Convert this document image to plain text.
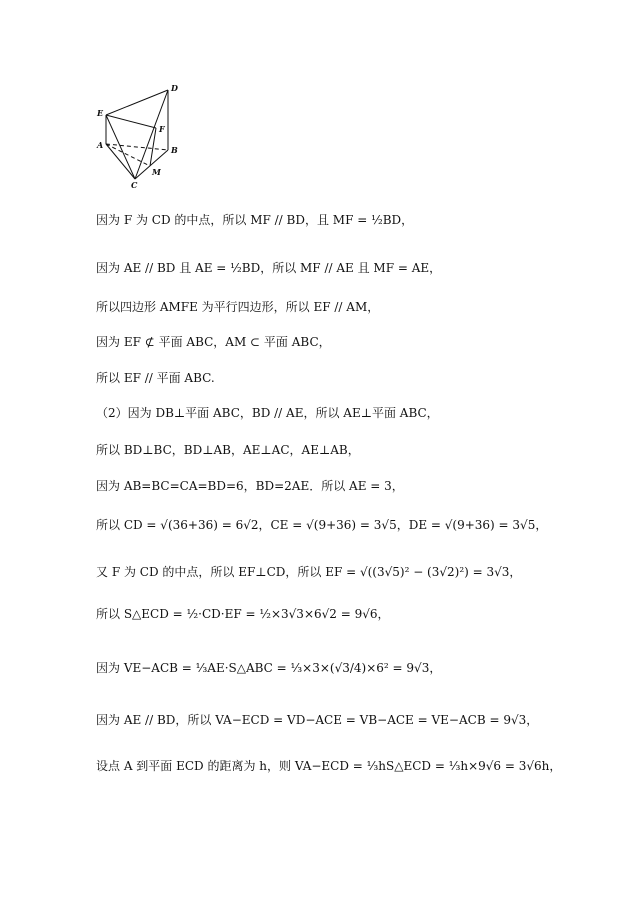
D
E
F
A	B
C
M
因为 F 为 CD 的中点，所以 MF // BD，且 MF = ½BD，
因为 AE // BD 且 AE = ½BD，所以 MF // AE 且 MF = AE，
所以四边形 AMFE 为平行四边形，所以 EF // AM，
因为 EF ⊄ 平面 ABC，AM ⊂ 平面 ABC，
所以 EF // 平面 ABC.
（2）因为 DB⊥平面 ABC，BD // AE，所以 AE⊥平面 ABC，
所以 BD⊥BC，BD⊥AB，AE⊥AC，AE⊥AB，
因为 AB=BC=CA=BD=6，BD=2AE．所以 AE = 3，
所以 CD = √(36+36) = 6√2，CE = √(9+36) = 3√5，DE = √(9+36) = 3√5，
又 F 为 CD 的中点，所以 EF⊥CD，所以 EF = √((3√5)² − (3√2)²) = 3√3，
所以 S△ECD = ½·CD·EF = ½×3√3×6√2 = 9√6，
因为 VE−ACB = ⅓AE·S△ABC = ⅓×3×(√3/4)×6² = 9√3，
因为 AE // BD，所以 VA−ECD = VD−ACE = VB−ACE = VE−ACB = 9√3，
设点 A 到平面 ECD 的距离为 h，则 VA−ECD = ⅓hS△ECD = ⅓h×9√6 = 3√6h，
